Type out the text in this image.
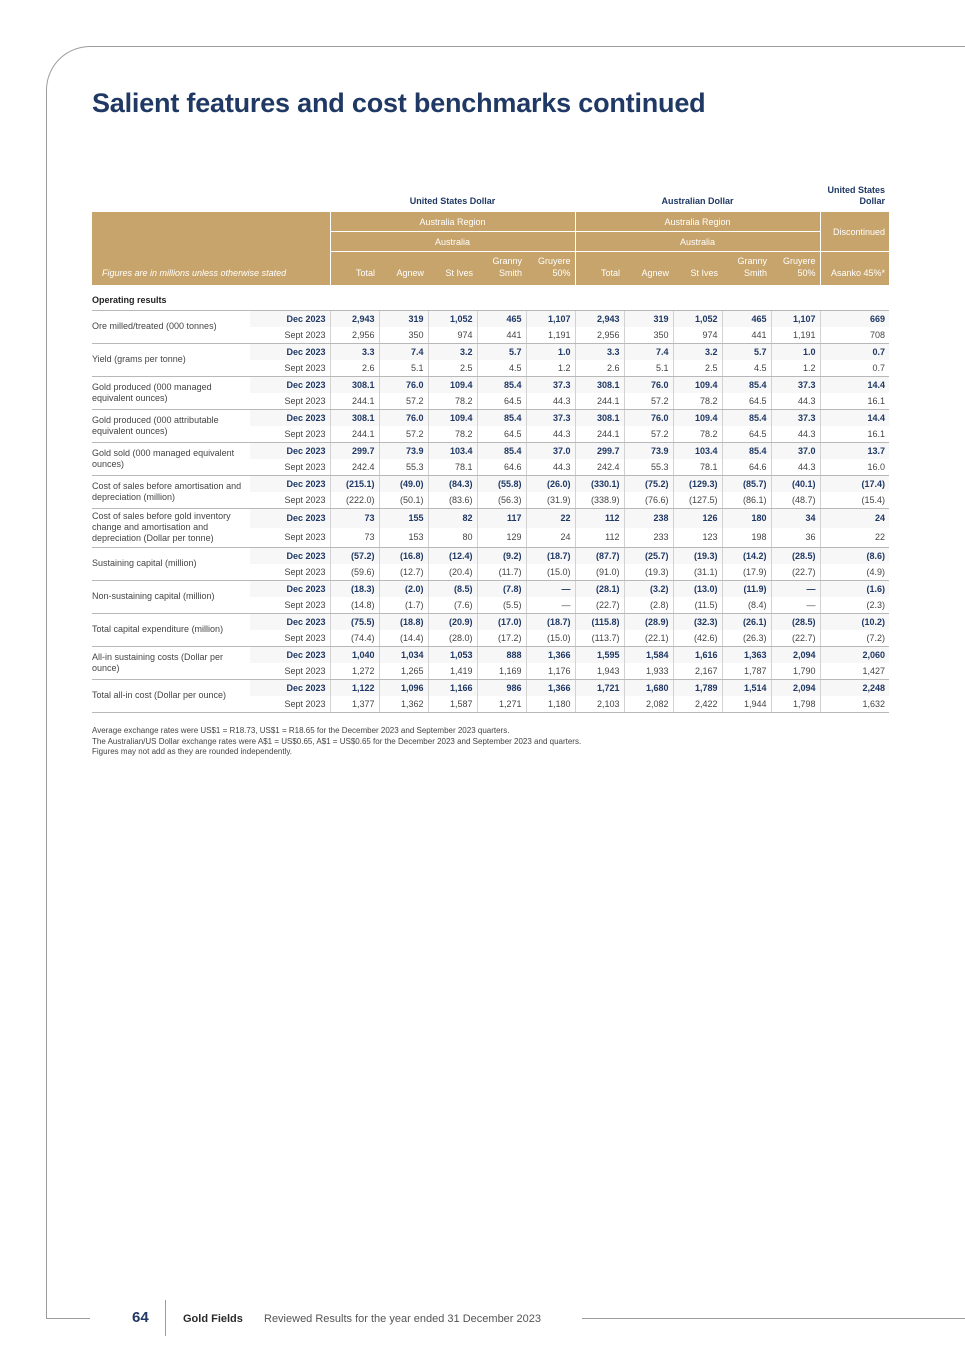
Salient features and cost benchmarks continued
		United States Dollar					Australian Dollar					United States Dollar
Figures are in millions unless otherwise stated		Australia Region					Australia Region					Discontinued
		Australia					Australia					
		Total	Agnew	St Ives	Granny Smith	Gruyere 50%	Total	Agnew	St Ives	Granny Smith	Gruyere 50%	Asanko 45%*

Operating results												
Ore milled/treated (000 tonnes)	Dec 2023	2,943	319	1,052	465	1,107	2,943	319	1,052	465	1,107	669
	Sept 2023	2,956	350	974	441	1,191	2,956	350	974	441	1,191	708
Yield (grams per tonne)	Dec 2023	3.3	7.4	3.2	5.7	1.0	3.3	7.4	3.2	5.7	1.0	0.7
	Sept 2023	2.6	5.1	2.5	4.5	1.2	2.6	5.1	2.5	4.5	1.2	0.7
Gold produced (000 managed equivalent ounces)	Dec 2023	308.1	76.0	109.4	85.4	37.3	308.1	76.0	109.4	85.4	37.3	14.4
	Sept 2023	244.1	57.2	78.2	64.5	44.3	244.1	57.2	78.2	64.5	44.3	16.1
Gold produced (000 attributable equivalent ounces)	Dec 2023	308.1	76.0	109.4	85.4	37.3	308.1	76.0	109.4	85.4	37.3	14.4
	Sept 2023	244.1	57.2	78.2	64.5	44.3	244.1	57.2	78.2	64.5	44.3	16.1
Gold sold (000 managed equivalent ounces)	Dec 2023	299.7	73.9	103.4	85.4	37.0	299.7	73.9	103.4	85.4	37.0	13.7
	Sept 2023	242.4	55.3	78.1	64.6	44.3	242.4	55.3	78.1	64.6	44.3	16.0
Cost of sales before amortisation and depreciation (million)	Dec 2023	(215.1)	(49.0)	(84.3)	(55.8)	(26.0)	(330.1)	(75.2)	(129.3)	(85.7)	(40.1)	(17.4)
	Sept 2023	(222.0)	(50.1)	(83.6)	(56.3)	(31.9)	(338.9)	(76.6)	(127.5)	(86.1)	(48.7)	(15.4)
Cost of sales before gold inventory change and amortisation and depreciation (Dollar per tonne)	Dec 2023	73	155	82	117	22	112	238	126	180	34	24
	Sept 2023	73	153	80	129	24	112	233	123	198	36	22
Sustaining capital (million)	Dec 2023	(57.2)	(16.8)	(12.4)	(9.2)	(18.7)	(87.7)	(25.7)	(19.3)	(14.2)	(28.5)	(8.6)
	Sept 2023	(59.6)	(12.7)	(20.4)	(11.7)	(15.0)	(91.0)	(19.3)	(31.1)	(17.9)	(22.7)	(4.9)
Non-sustaining capital (million)	Dec 2023	(18.3)	(2.0)	(8.5)	(7.8)	—	(28.1)	(3.2)	(13.0)	(11.9)	—	(1.6)
	Sept 2023	(14.8)	(1.7)	(7.6)	(5.5)	—	(22.7)	(2.8)	(11.5)	(8.4)	—	(2.3)
Total capital expenditure (million)	Dec 2023	(75.5)	(18.8)	(20.9)	(17.0)	(18.7)	(115.8)	(28.9)	(32.3)	(26.1)	(28.5)	(10.2)
	Sept 2023	(74.4)	(14.4)	(28.0)	(17.2)	(15.0)	(113.7)	(22.1)	(42.6)	(26.3)	(22.7)	(7.2)
All-in sustaining costs (Dollar per ounce)	Dec 2023	1,040	1,034	1,053	888	1,366	1,595	1,584	1,616	1,363	2,094	2,060
	Sept 2023	1,272	1,265	1,419	1,169	1,176	1,943	1,933	2,167	1,787	1,790	1,427
Total all-in cost (Dollar per ounce)	Dec 2023	1,122	1,096	1,166	986	1,366	1,721	1,680	1,789	1,514	2,094	2,248
	Sept 2023	1,377	1,362	1,587	1,271	1,180	2,103	2,082	2,422	1,944	1,798	1,632
Average exchange rates were US$1 = R18.73, US$1 = R18.65 for the December 2023 and September 2023 quarters.
The Australian/US Dollar exchange rates were A$1 = US$0.65, A$1 = US$0.65 for the December 2023 and September 2023 and quarters.
Figures may not add as they are rounded independently.
64	Gold Fields Reviewed Results for the year ended 31 December 2023
